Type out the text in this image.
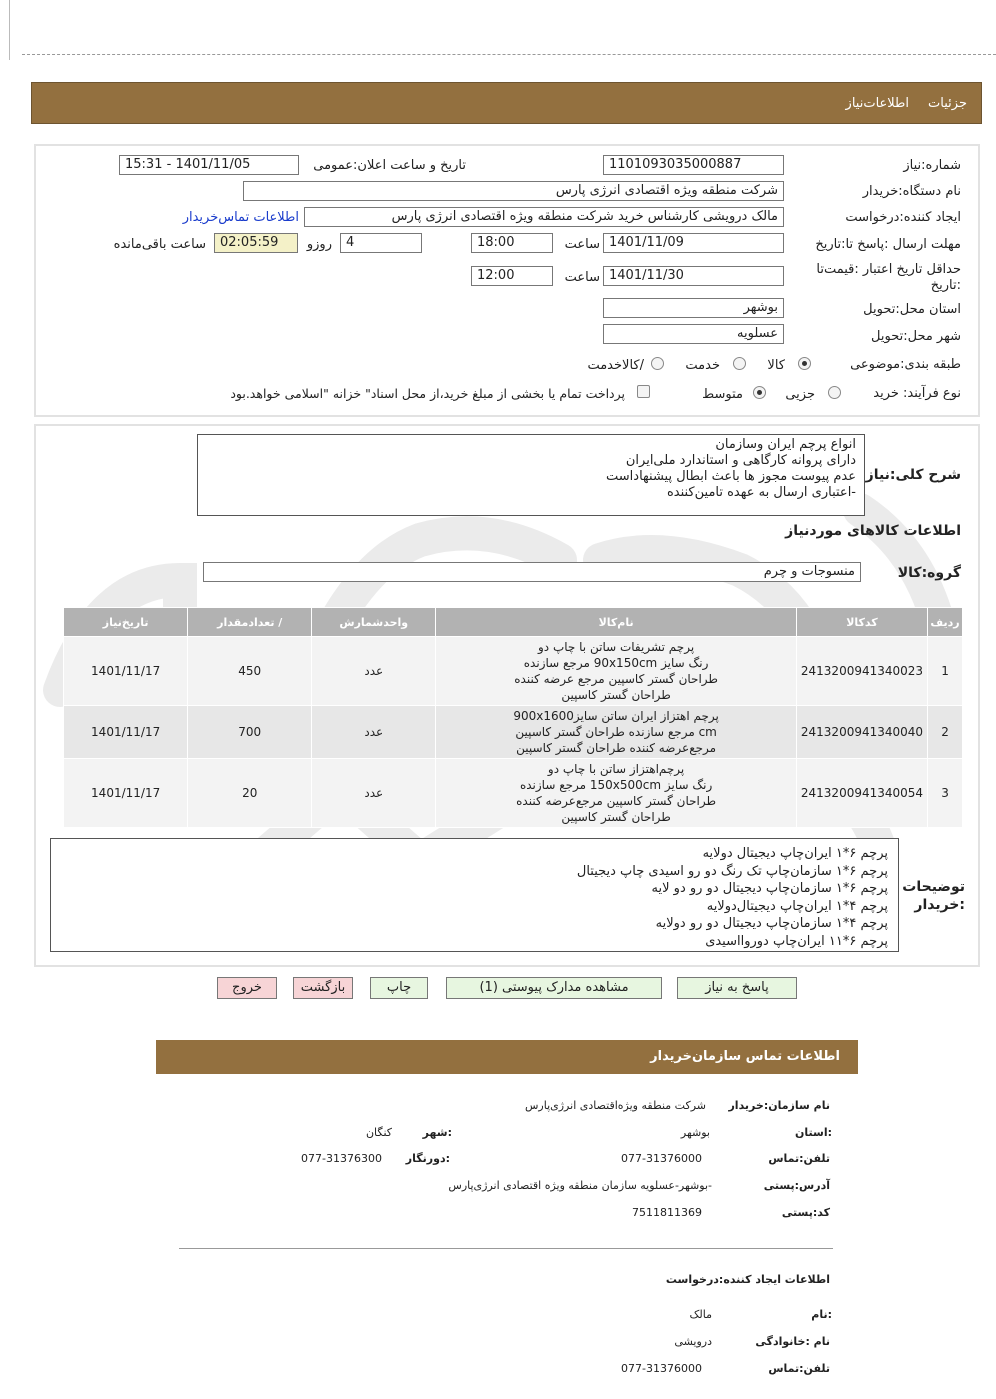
جزئیات
اطلاعات‌نیاز
شماره:نیاز
1101093035000887
تاریخ و ساعت اعلان:عمومی
1401/11/05 - 15:31
نام دستگاه:خریدار
شرکت منطقه ویژه اقتصادی انرژی پارس
ایجاد کننده:درخواست
مالک درویشی کارشناس خرید شرکت منطقه ویژه اقتصادی انرژی پارس
اطلاعات تماس‌خریدار
مهلت ارسال :پاسخ تا:تاریخ
1401/11/09
ساعت
18:00
4
روزو
02:05:59
ساعت باقی‌مانده
حداقل تاریخ اعتبار :قیمت‌تا
:تاریخ
1401/11/30
ساعت
12:00
استان محل:تحویل
بوشهر
شهر محل:تحویل
عسلویه
طبقه بندی:موضوعی
کالا
خدمت
/کالاخدمت
نوع فرآیند: خرید
جزیی
متوسط
پرداخت تمام یا بخشی از مبلغ خرید،از محل اسناد" خزانه "اسلامی خواهد.بود
انواع پرچم ایران وسازمان
دارای پروانه کارگاهی و استاندارد ملی‌ایران
عدم پیوست مجوز ها باعث ابطال پیشنهاداست
-اعتباری ارسال به عهده تامین‌کننده
شرح کلی:نیاز
اطلاعات کالاهای موردنیاز
گروه:کالا
منسوجات و چرم
ردیف	کدکالا	نام‌کالا	واحدشمارش	/ تعدادمقدار	تاریخ‌نیاز
1	2413200941340023	پرچم تشریفات ساتن با چاپ دو
رنگ سایز 90x150cm مرجع سازنده
طراحان گستر کاسپین مرجع عرضه کننده
طراحان گستر کاسپین	عدد	450	1401/11/17
2	2413200941340040	پرچم اهتزاز ایران ساتن سایز900x1600
cm مرجع سازنده طراحان گستر کاسپین
مرجع‌عرضه کننده طراحان گستر کاسپین	عدد	700	1401/11/17
3	2413200941340054	پرچم‌اهتزاز ساتن با چاپ دو
رنگ سایز 150x500cm مرجع سازنده
طراحان گستر کاسپین مرجع‌عرضه کننده
طراحان گستر کاسپین	عدد	20	1401/11/17
پرچم ۶*۱ ایران‌چاپ دیجیتال دولایه
پرچم ۶*۱ سازمان‌چاپ تک رنگ دو رو اسیدی چاپ دیجیتال
پرچم ۶*۱ سازمان‌چاپ دیجیتال دو رو دو لایه
پرچم ۴*۱ ایران‌چاپ دیجیتال‌دولایه
پرچم ۴*۱ سازمان‌چاپ دیجیتال دو رو دولایه
پرچم ۶*۱۱ ایران‌چاپ دوروااسیدی
توضیحات
:خریدار
پاسخ به نیاز
مشاهده مدارک پیوستی (1)
چاپ
بازگشت
خروج
اطلاعات تماس سازمان‌خریدار
نام سازمان:خریدار
شرکت منطقه ویژه‌اقتصادی انرژی‌پارس
:استان
بوشهر
:شهر
کنگان
تلفن:تماس
077-31376000
:دورنگار
077-31376300
آدرس:پستی
-بوشهر-عسلویه سازمان منطقه ویژه اقتصادی انرژی‌پارس
کد:پستی
7511811369
اطلاعات ایجاد کننده:درخواست
:نام
مالک
نام :خانوادگی
درویشی
تلفن:تماس
077-31376000
